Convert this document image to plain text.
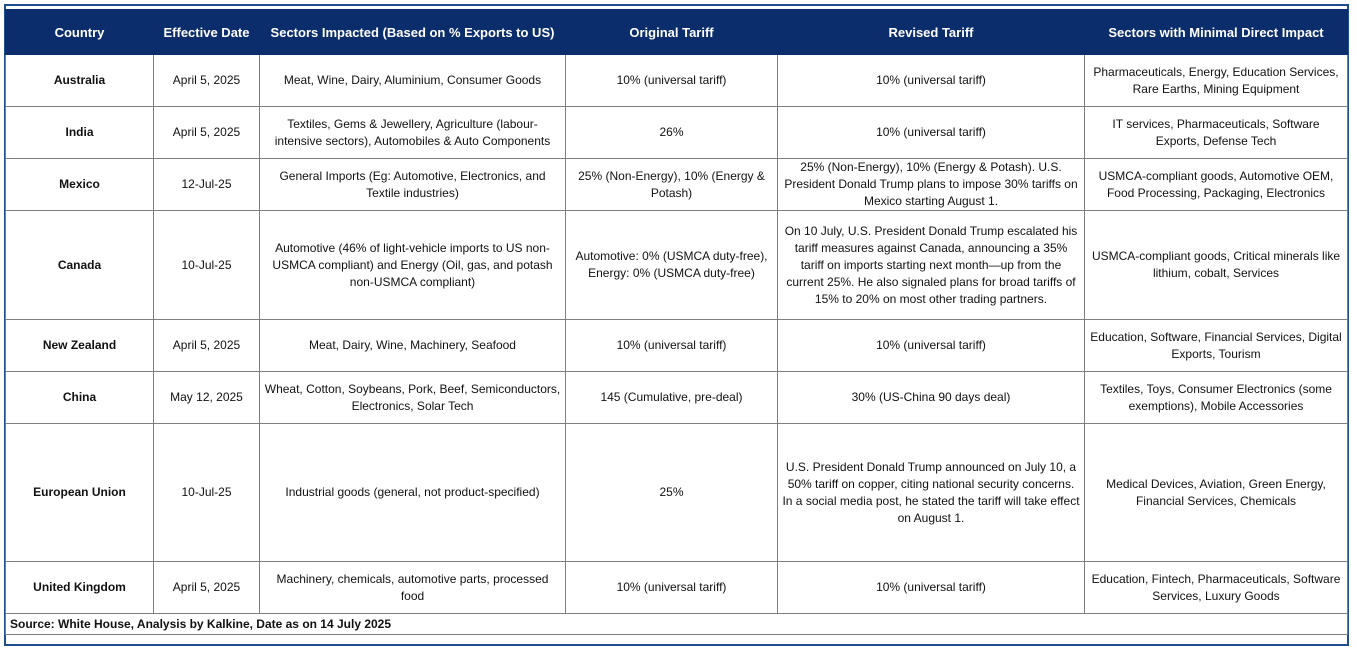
Country	Effective Date	Sectors Impacted (Based on % Exports to US)	Original Tariff	Revised Tariff	Sectors with Minimal Direct Impact
Australia	April 5, 2025	Meat, Wine, Dairy, Aluminium, Consumer Goods	10% (universal tariff)	10% (universal tariff)	Pharmaceuticals, Energy, Education Services, Rare Earths, Mining Equipment
India	April 5, 2025	Textiles, Gems & Jewellery, Agriculture (labour-intensive sectors), Automobiles & Auto Components	26%	10% (universal tariff)	IT services, Pharmaceuticals, Software Exports, Defense Tech
Mexico	12-Jul-25	General Imports (Eg: Automotive, Electronics, and Textile industries)	25% (Non-Energy), 10% (Energy & Potash)	25% (Non-Energy), 10% (Energy & Potash). U.S. President Donald Trump plans to impose 30% tariffs on Mexico starting August 1.	USMCA-compliant goods, Automotive OEM, Food Processing, Packaging, Electronics
Canada	10-Jul-25	Automotive (46% of light-vehicle imports to US non-USMCA compliant) and Energy (Oil, gas, and potash non-USMCA compliant)	Automotive: 0% (USMCA duty-free), Energy: 0% (USMCA duty-free)	On 10 July, U.S. President Donald Trump escalated his tariff measures against Canada, announcing a 35% tariff on imports starting next month—up from the current 25%. He also signaled plans for broad tariffs of 15% to 20% on most other trading partners.	USMCA-compliant goods, Critical minerals like lithium, cobalt, Services
New Zealand	April 5, 2025	Meat, Dairy, Wine, Machinery, Seafood	10% (universal tariff)	10% (universal tariff)	Education, Software, Financial Services, Digital Exports, Tourism
China	May 12, 2025	Wheat, Cotton, Soybeans, Pork, Beef, Semiconductors, Electronics, Solar Tech	145 (Cumulative, pre-deal)	30% (US-China 90 days deal)	Textiles, Toys, Consumer Electronics (some exemptions), Mobile Accessories
European Union	10-Jul-25	Industrial goods (general, not product-specified)	25%	U.S. President Donald Trump announced on July 10, a 50% tariff on copper, citing national security concerns. In a social media post, he stated the tariff will take effect on August 1.	Medical Devices, Aviation, Green Energy, Financial Services, Chemicals
United Kingdom	April 5, 2025	Machinery, chemicals, automotive parts, processed food	10% (universal tariff)	10% (universal tariff)	Education, Fintech, Pharmaceuticals, Software Services, Luxury Goods
Source: White House, Analysis by Kalkine, Date as on 14 July 2025					
